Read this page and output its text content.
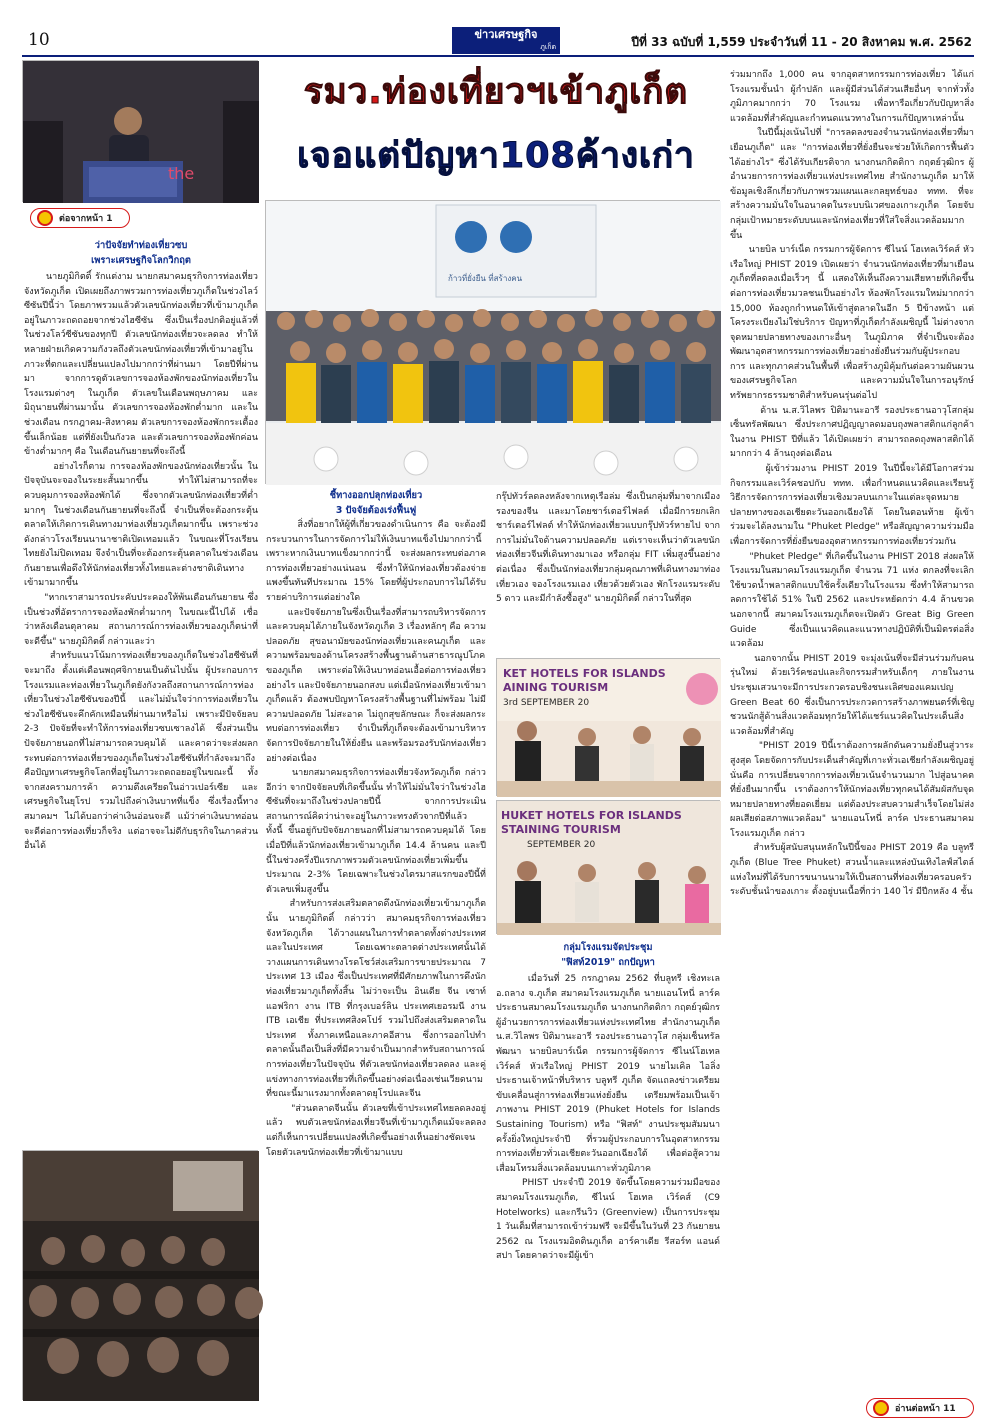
10	ข่าวเศรษฐกิจ
ภูเก็ต	ปีที่ 33 ฉบับที่ 1,559 ประจำวันที่ 11 - 20 สิงหาคม พ.ศ. 2562
the
ต่อจากหน้า 1
รมว.ท่องเที่ยวฯเข้าภูเก็ต
เจอแต่ปัญหา108ค้างเก่า
ก้าวที่ยั่งยืน ที่สร้างคน
ว่าปัจจัยทำท่องเที่ยวซบ
เพราะเศรษฐกิจโลกวิกฤต
นายภูมิกิตติ์ รักแต่งาม นายกสมาคมธุรกิจการท่องเที่ยวจังหวัดภูเก็ต เปิดเผยถึงภาพรวมการท่องเที่ยวภูเก็ตในช่วงไลว์ซีซันปีนี้ว่า โดยภาพรวมแล้วตัวเลขนักท่องเที่ยวที่เข้ามาภูเก็ตอยู่ในภาวะถดถอยจากช่วงไฮซีซัน ซึ่งเป็นเรื่องปกติอยู่แล้วที่ในช่วงโลว์ซีซันของทุกปี ตัวเลขนักท่องเที่ยวจะลดลง ทำให้หลายฝ่ายเกิดความกังวลถึงตัวเลขนักท่องเที่ยวที่เข้ามาอยู่ในภาวะที่ตกและเปลี่ยนแปลงไปมากกว่าที่ผ่านมา โดยปีที่ผ่านมา จากการดูตัวเลขการจองห้องพักของนักท่องเที่ยวในโรงแรมต่างๆ ในภูเก็ต ตัวเลขในเดือนพฤษภาคม และมิถุนายนที่ผ่านมานั้น ตัวเลขการจองห้องพักต่ำมาก และในช่วงเดือน กรกฎาคม-สิงหาคม ตัวเลขการจองห้องพักกระเตื้องขึ้นเล็กน้อย แต่ที่ยังเป็นกังวล และตัวเลขการจองห้องพักค่อนข้างต่ำมากๆ คือ ในเดือนกันยายนที่จะถึงนี้
อย่างไรก็ตาม การจองห้องพักของนักท่องเที่ยวนั้น ในปัจจุบันจะจองในระยะสั้นมากขึ้น ทำให้ไม่สามารถที่จะควบคุมการจองห้องพักได้ ซึ่งจากตัวเลขนักท่องเที่ยวที่ต่ำมากๆ ในช่วงเดือนกันยายนที่จะถึงนี้ จำเป็นที่จะต้องกระตุ้นตลาดให้เกิดการเดินทางมาท่องเที่ยวภูเก็ตมากขึ้น เพราะช่วงดังกล่าวโรงเรียนนานาชาติเปิดเทอมแล้ว ในขณะที่โรงเรียนไทยยังไม่ปิดเทอม จึงจำเป็นที่จะต้องกระตุ้นตลาดในช่วงเดือนกันยายนเพื่อดึงให้นักท่องเที่ยวทั้งไทยและต่างชาติเดินทางเข้ามามากขึ้น
"หากเราสามารถประคับประคองให้พ้นเดือนกันยายน ซึ่งเป็นช่วงที่อัตราการจองห้องพักต่ำมากๆ ในขณะนี้ไปได้ เชื่อว่าหลังเดือนตุลาคม สถานการณ์การท่องเที่ยวของภูเก็ตน่าที่จะดีขึ้น" นายภูมิกิตติ์ กล่าวและว่า
สำหรับแนวโน้มการท่องเที่ยวของภูเก็ตในช่วงไฮซีซันที่จะมาถึง ตั้งแต่เดือนพฤศจิกายนเป็นต้นไปนั้น ผู้ประกอบการโรงแรมและท่องเที่ยวในภูเก็ตยังกังวลถึงสถานการณ์การท่องเที่ยวในช่วงไฮซีซันของปีนี้ และไม่มั่นใจว่าการท่องเที่ยวในช่วงไฮซีซันจะคึกคักเหมือนที่ผ่านมาหรือไม่ เพราะมีปัจจัยลบ 2-3 ปัจจัยที่จะทำให้การท่องเที่ยวซบเซาลงได้ ซึ่งส่วนเป็นปัจจัยภายนอกที่ไม่สามารถควบคุมได้ และคาดว่าจะส่งผลกระทบต่อการท่องเที่ยวของภูเก็ตในช่วงไฮซีซันที่กำลังจะมาถึง คือปัญหาเศรษฐกิจโลกที่อยู่ในภาวะถดถอยอยู่ในขณะนี้ ทั้งจากสงครามการค้า ความตึงเครียดในอ่าวเปอร์เซีย และเศรษฐกิจในยุโรป รวมไปถึงค่าเงินบาทที่แข็ง ซึ่งเรื่องนี้ทางสมาคมฯ ไม่ได้บอกว่าค่าเงินอ่อนจะดี แม้ว่าค่าเงินบาทอ่อนจะดีต่อการท่องเที่ยวก็จริง แต่อาจจะไม่ดีกับธุรกิจในภาคส่วนอื่นได้
ชี้ทางออกปลุกท่องเที่ยว
3 ปัจจัยต้องเร่งฟื้นฟู
สิ่งที่อยากให้ผู้ที่เกี่ยวของดำเนินการ คือ จะต้องมีกระบวนการในการจัดการไม่ให้เงินบาทแข็งไปมากกว่านี้ เพราะหากเงินบาทแข็งมากกว่านี้ จะส่งผลกระทบต่อภาคการท่องเที่ยวอย่างแน่นอน ซึ่งทำให้นักท่องเที่ยวต้องจ่ายแพงขึ้นทันทีประมาณ 15% โดยที่ผู้ประกอบการไม่ได้รับรายค่าบริการแต่อย่างใด
และปัจจัยภายในซึ่งเป็นเรื่องที่สามารถบริหารจัดการและควบคุมได้ภายในจังหวัดภูเก็ต 3 เรื่องหลักๆ คือ ความปลอดภัย สุขอนามัยของนักท่องเที่ยวและคนภูเก็ต และความพร้อมของด้านโครงสร้างพื้นฐานด้านสาธารณูปโภคของภูเก็ต เพราะต่อให้เงินบาทอ่อนเอื้อต่อการท่องเที่ยวอย่างไร และปัจจัยภายนอกสงบ แต่เมื่อนักท่องเที่ยวเข้ามาภูเก็ตแล้ว ต้องพบปัญหาโครงสร้างพื้นฐานที่ไม่พร้อม ไม่มีความปลอดภัย ไม่สะอาด ไม่ถูกสุขลักษณะ ก็จะส่งผลกระทบต่อการท่องเที่ยว จำเป็นที่ภูเก็ตจะต้องเข้ามาบริหารจัดการปัจจัยภายในให้ยั่งยืน และพร้อมรองรับนักท่องเที่ยวอย่างต่อเนื่อง
นายกสมาคมธุรกิจการท่องเที่ยวจังหวัดภูเก็ต กล่าวอีกว่า จากปัจจัยลบที่เกิดขึ้นนั้น ทำให้ไม่มั่นใจว่าในช่วงไฮซีซันที่จะมาถึงในช่วงปลายปีนี้ จากการประเมินสถานการณ์คิดว่าน่าจะอยู่ในภาวะทรงตัวจากปีที่แล้ว ทั้งนี้ ขึ้นอยู่กับปัจจัยภายนอกที่ไม่สามารถควบคุมได้ โดยเมื่อปีที่แล้วนักท่องเที่ยวเข้ามาภูเก็ต 14.4 ล้านคน และปีนี้ในช่วงครึ่งปีแรกภาพรวมตัวเลขนักท่องเที่ยวเพิ่มขึ้นประมาณ 2-3% โดยเฉพาะในช่วงไตรมาสแรกของปีนี้ที่ตัวเลขเพิ่มสูงขึ้น
สำหรับการส่งเสริมตลาดดึงนักท่องเที่ยวเข้ามาภูเก็ตนั้น นายภูมิกิตติ์ กล่าวว่า สมาคมธุรกิจการท่องเที่ยวจังหวัดภูเก็ต ได้วางแผนในการทำตลาดทั้งต่างประเทศ และในประเทศ โดยเฉพาะตลาดต่างประเทศนั้นได้วางแผนการเดินทางโรดโชว์ส่งเสริมการขายประมาณ 7 ประเทศ 13 เมือง ซึ่งเป็นประเทศที่มีศักยภาพในการดึงนักท่องเที่ยวมาภูเก็ตทั้งสิ้น ไม่ว่าจะเป็น อินเดีย จีน เซาท์แอฟริกา งาน ITB ที่กรุงเบอร์ลิน ประเทศเยอรมนี งาน ITB เอเชีย ที่ประเทศสิงคโปร์ รวมไปถึงส่งเสริมตลาดในประเทศ ทั้งภาคเหนือและภาคอีสาน ซึ่งการออกไปทำตลาดนั้นถือเป็นสิ่งที่มีความจำเป็นมากสำหรับสถานการณ์การท่องเที่ยวในปัจจุบัน ที่ตัวเลขนักท่องเที่ยวลดลง และคู่แข่งทางการท่องเที่ยวที่เกิดขึ้นอย่างต่อเนื่องเช่นเวียดนามที่ขณะนี้มาแรงมากทั้งตลาดยุโรปและจีน
"ส่วนตลาดจีนนั้น ตัวเลขที่เข้าประเทศไทยลดลงอยู่แล้ว พบตัวเลขนักท่องเที่ยวจีนที่เข้ามาภูเก็ตแม้จะลดลง แต่ก็เห็นการเปลี่ยนแปลงที่เกิดขึ้นอย่างเห็นอย่างชัดเจน โดยตัวเลขนักท่องเที่ยวที่เข้ามาแบบ
กรุ๊ปทัวร์ลดลงหลังจากเหตุเรือล่ม ซึ่งเป็นกลุ่มที่มาจากเมืองรองของจีน และมาโดยชาร์เตอร์ไฟลต์ เมื่อมีการยกเลิกชาร์เตอร์ไฟลต์ ทำให้นักท่องเที่ยวแบบกรุ๊ปทัวร์หายไป จากการไม่มั่นใจด้านความปลอดภัย แต่เราจะเห็นว่าตัวเลขนักท่องเที่ยวจีนที่เดินทางมาเอง หรือกลุ่ม FIT เพิ่มสูงขึ้นอย่างต่อเนื่อง ซึ่งเป็นนักท่องเที่ยวกลุ่มคุณภาพที่เดินทางมาท่องเที่ยวเอง จองโรงแรมเอง เที่ยวด้วยตัวเอง พักโรงแรมระดับ 5 ดาว และมีกำลังซื้อสูง" นายภูมิกิตติ์ กล่าวในที่สุด
KET HOTELS FOR ISLANDS
AINING TOURISM
3rd SEPTEMBER 20
HUKET HOTELS FOR ISLANDS
STAINING TOURISM
SEPTEMBER 20
กลุ่มโรงแรมจัดประชุม
"ฟิสท์2019" ถกปัญหา
เมื่อวันที่ 25 กรกฎาคม 2562 ที่บลูทรี เชิงทะเล อ.ถลาง จ.ภูเก็ต สมาคมโรงแรมภูเก็ต นายแอนโทนี่ ลาร์ค ประธานสมาคมโรงแรมภูเก็ต นางกนกกิตติกา กฤตย์วุฒิกร ผู้อำนวยการการท่องเที่ยวแห่งประเทศไทย สำนักงานภูเก็ต น.ส.วิไลพร ปิติมานะอารี รองประธานอาวุโส กลุ่มเซ็นทรัลพัฒนา นายบิลบาร์เน็ต กรรมการผู้จัดการ ซีไนน์โฮเทลเวิร์คส์ หัวเรือใหญ่ PHIST 2019 นายไมเคิล ไอลิ่ง ประธานเจ้าหน้าที่บริหาร บลูทรี ภูเก็ต จัดแถลงข่าวเตรียมขับเคลื่อนสู่การท่องเที่ยวแห่งยั่งยืน เตรียมพร้อมเป็นเจ้าภาพงาน PHIST 2019 (Phuket Hotels for Islands Sustaining Tourism) หรือ "ฟิสท์" งานประชุมสัมมนาครั้งยิ่งใหญ่ประจำปี ที่รวมผู้ประกอบการในอุตสาหกรรมการท่องเที่ยวทั่วเอเชียตะวันออกเฉียงใต้ เพื่อต่อสู้ความเสื่อมโทรมสิ่งแวดล้อมบนเกาะทั่วภูมิภาค
PHIST ประจำปี 2019 จัดขึ้นโดยความร่วมมือของสมาคมโรงแรมภูเก็ต, ซีไนน์ โฮเทล เวิร์คส์ (C9 Hotelworks) และกรีนวิว (Greenview) เป็นการประชุม 1 วันเต็มที่สามารถเข้าร่วมฟรี จะมีขึ้นในวันที่ 23 กันยายน 2562 ณ โรงแรมอิตตินภูเก็ต อาร์คาเดีย รีสอร์ท แอนด์ สปา โดยคาดว่าจะมีผู้เข้า
ร่วมมากถึง 1,000 คน จากอุตสาหกรรมการท่องเที่ยว ได้แก่ โรงแรมชั้นนำ ผู้กำปลัก และผู้มีส่วนได้ส่วนเสียอื่นๆ จากทั่วทั้งภูมิภาคมากกว่า 70 โรงแรม เพื่อหารือเกี่ยวกับปัญหาสิ่งแวดล้อมที่สำคัญและกำหนดแนวทางในการแก้ปัญหาเหล่านั้น
ในปีนี้มุ่งเน้นไปที่ "การลดลงของจำนวนนักท่องเที่ยวที่มาเยือนภูเก็ต" และ "การท่องเที่ยวที่ยั่งยืนจะช่วยให้เกิดการฟื้นตัวได้อย่างไร" ซึ่งได้รับเกียรติจาก นางกนกกิตติกา กฤตย์วุฒิกร ผู้อำนวยการการท่องเที่ยวแห่งประเทศไทย สำนักงานภูเก็ต มาให้ข้อมูลเชิงลึกเกี่ยวกับภาพรวมแผนและกลยุทธ์ของ ททท. ที่จะสร้างความมั่นใจในอนาคตในระบบนิเวศของเกาะภูเก็ต โดยจับกลุ่มเป้าหมายระดับบนและนักท่องเที่ยวที่ใส่ใจสิ่งแวดล้อมมากขึ้น
นายบิล บาร์เน็ต กรรมการผู้จัดการ ซีไนน์ โฮเทลเวิร์คส์ หัวเรือใหญ่ PHIST 2019 เปิดเผยว่า จำนวนนักท่องเที่ยวที่มาเยือนภูเก็ตที่ลดลงเมื่อเร็วๆ นี้ แสดงให้เห็นถึงความเสียหายที่เกิดขึ้นต่อการท่องเที่ยวมวลชนเป็นอย่างไร ห้องพักโรงแรมใหม่มากกว่า 15,000 ห้องถูกกำหนดให้เข้าสู่ตลาดในอีก 5 ปีข้างหน้า แต่โครงระเบียงไม่ใช่บริการ ปัญหาที่ภูเก็ตกำลังเผชิญนี้ ไม่ต่างจากจุดหมายปลายทางของเกาะอื่นๆ ในภูมิภาค ที่จำเป็นจะต้องพัฒนาอุตสาหกรรมการท่องเที่ยวอย่างยั่งยืนร่วมกับผู้ประกอบการ และทุกภาคส่วนในพื้นที่ เพื่อสร้างภูมิคุ้มกันต่อความผันผวนของเศรษฐกิจโลก และความมั่นใจในการอนุรักษ์ทรัพยากรธรรมชาติสำหรับคนรุ่นต่อไป
ด้าน น.ส.วิไลพร ปิติมานะอารี รองประธานอาวุโสกลุ่มเซ็นทรัลพัฒนา ซึ่งประกาศปฏิญญาลดมอบถุงพลาสติกแก่ลูกค้า ในงาน PHIST ปีที่แล้ว ได้เปิดเผยว่า สามารถลดถุงพลาสติกได้มากกว่า 4 ล้านถุงต่อเดือน
ผู้เข้าร่วมงาน PHIST 2019 ในปีนี้จะได้มีโอกาสร่วมกิจกรรมและเวิร์คชอปกับ ททท. เพื่อกำหนดแนวคิดและเรียนรู้วิธีการจัดการการท่องเที่ยวเชิงมวลบนเกาะในแต่ละจุดหมายปลายทางของเอเชียตะวันออกเฉียงใต้ โดยในตอนท้าย ผู้เข้าร่วมจะได้ลงนามใน "Phuket Pledge" หรือสัญญาความร่วมมือเพื่อการจัดการที่ยั่งยืนของอุตสาหกรรมการท่องเที่ยวร่วมกัน
"Phuket Pledge" ที่เกิดขึ้นในงาน PHIST 2018 ส่งผลให้โรงแรมในสมาคมโรงแรมภูเก็ต จำนวน 71 แห่ง ตกลงที่จะเลิกใช้ขวดน้ำพลาสติกแบบใช้ครั้งเดียวในโรงแรม ซึ่งทำให้สามารถลดการใช้ได้ 51% ในปี 2562 และประหยัดกว่า 4.4 ล้านขวด นอกจากนี้ สมาคมโรงแรมภูเก็ตจะเปิดตัว Great Big Green Guide ซึ่งเป็นแนวคิดและแนวทางปฏิบัติที่เป็นมิตรต่อสิ่งแวดล้อม
นอกจากนั้น PHIST 2019 จะมุ่งเน้นที่จะมีส่วนร่วมกับคนรุ่นใหม่ ด้วยเวิร์คชอปและกิจกรรมสำหรับเด็กๆ ภายในงานประชุมเสวนาจะมีการประกวดรอบชิงชนะเลิศของแคมเปญ Green Beat 60 ซึ่งเป็นการประกวดการสร้างภาพยนตร์ที่เชิญชวนนักสู้ด้านสิ่งแวดล้อมทุกวัยให้ได้แชร์แนวคิดในประเด็นสิ่งแวดล้อมที่สำคัญ
"PHIST 2019 ปีนี้เราต้องการผลักดันความยั่งยืนสู่วาระสูงสุด โดยจัดการกับประเด็นสำคัญที่เกาะทั่วเอเชียกำลังเผชิญอยู่ นั่นคือ การเปลี่ยนจากการท่องเที่ยวเน้นจำนวนมาก ไปสู่อนาคตที่ยั่งยืนมากขึ้น เราต้องการให้นักท่องเที่ยวทุกคนได้สัมผัสกับจุดหมายปลายทางที่ยอดเยี่ยม แต่ต้องประสบความสำเร็จโดยไม่ส่งผลเสียต่อสภาพแวดล้อม" นายแอนโทนี่ ลาร์ค ประธานสมาคมโรงแรมภูเก็ต กล่าว
สำหรับผู้สนับสนุนหลักในปีนี้ของ PHIST 2019 คือ บลูทรี ภูเก็ต (Blue Tree Phuket) สวนน้ำและแหล่งบันเทิงไลฟ์สไตล์แห่งใหม่ที่ได้รับการขนานนามให้เป็นสถานที่ท่องเที่ยวครอบครัวระดับชั้นนำของเกาะ ตั้งอยู่บนเนื้อที่กว่า 140 ไร่ มีปีกหลัง 4 ชั้น
อ่านต่อหน้า 11
